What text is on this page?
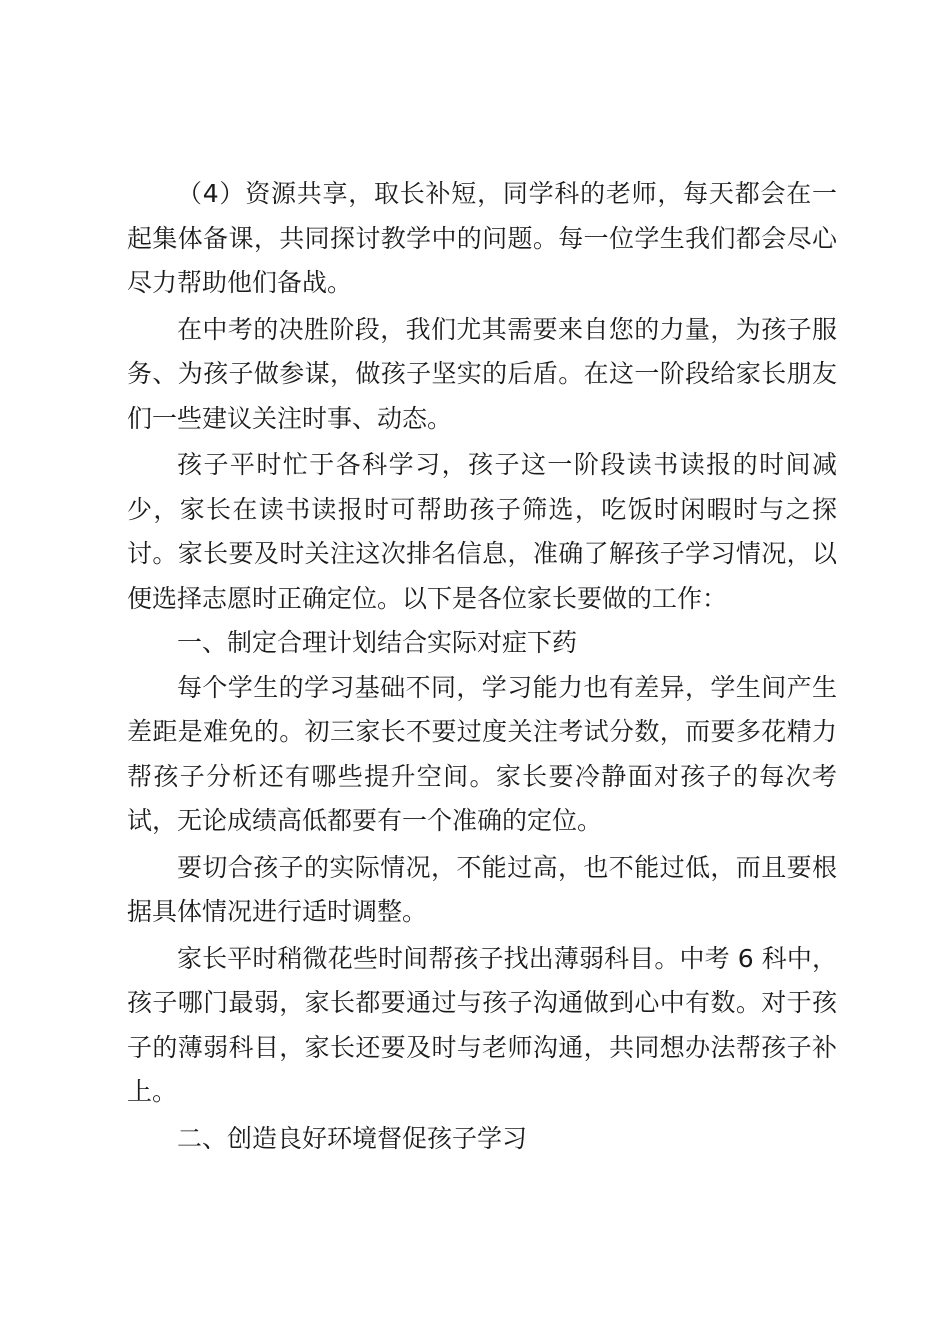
（4）资源共享，取长补短，同学科的老师，每天都会在一起集体备课，共同探讨教学中的问题。每一位学生我们都会尽心尽力帮助他们备战。

在中考的决胜阶段，我们尤其需要来自您的力量，为孩子服务、为孩子做参谋，做孩子坚实的后盾。在这一阶段给家长朋友们一些建议关注时事、动态。

孩子平时忙于各科学习，孩子这一阶段读书读报的时间减少，家长在读书读报时可帮助孩子筛选，吃饭时闲暇时与之探讨。家长要及时关注这次排名信息，准确了解孩子学习情况，以便选择志愿时正确定位。以下是各位家长要做的工作：

一、制定合理计划结合实际对症下药

每个学生的学习基础不同，学习能力也有差异，学生间产生差距是难免的。初三家长不要过度关注考试分数，而要多花精力帮孩子分析还有哪些提升空间。家长要冷静面对孩子的每次考试，无论成绩高低都要有一个准确的定位。

要切合孩子的实际情况，不能过高，也不能过低，而且要根据具体情况进行适时调整。

家长平时稍微花些时间帮孩子找出薄弱科目。中考 6 科中，孩子哪门最弱，家长都要通过与孩子沟通做到心中有数。对于孩子的薄弱科目，家长还要及时与老师沟通，共同想办法帮孩子补上。

二、创造良好环境督促孩子学习
